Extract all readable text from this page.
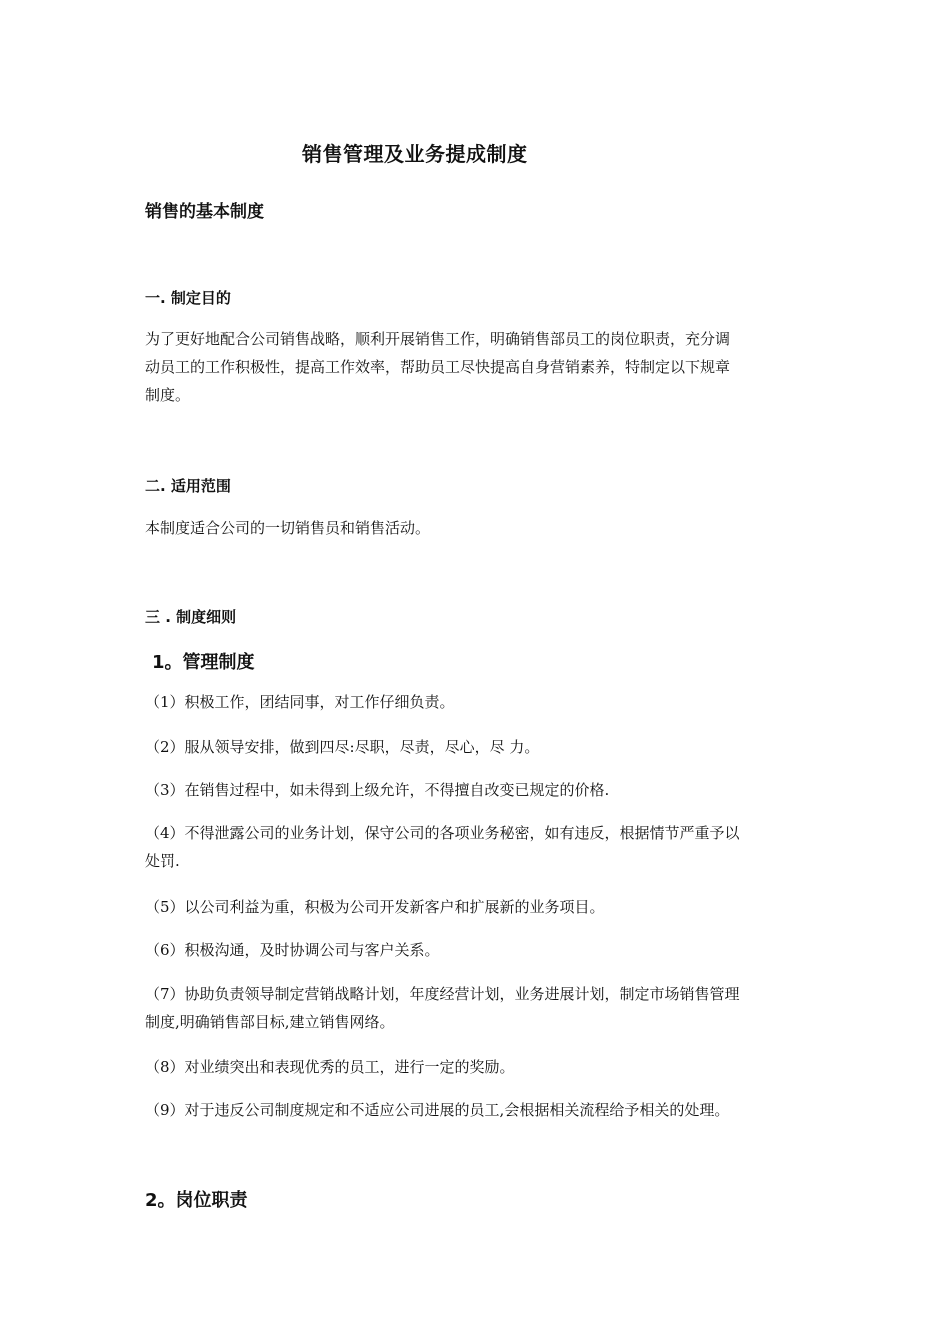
销售管理及业务提成制度
销售的基本制度
一. 制定目的
为了更好地配合公司销售战略，顺利开展销售工作，明确销售部员工的岗位职责，充分调
动员工的工作积极性，提高工作效率，帮助员工尽快提高自身营销素养，特制定以下规章
制度。
二. 适用范围
本制度适合公司的一切销售员和销售活动。
三 . 制度细则
1。管理制度
（1）积极工作，团结同事，对工作仔细负责。
（2）服从领导安排，做到四尽:尽职，尽责，尽心，尽 力。
（3）在销售过程中，如未得到上级允许，不得擅自改变已规定的价格.
（4）不得泄露公司的业务计划，保守公司的各项业务秘密，如有违反，根据情节严重予以
处罚.
（5）以公司利益为重，积极为公司开发新客户和扩展新的业务项目。
（6）积极沟通，及时协调公司与客户关系。
（7）协助负责领导制定营销战略计划，年度经营计划，业务进展计划，制定市场销售管理
制度,明确销售部目标,建立销售网络。
（8）对业绩突出和表现优秀的员工，进行一定的奖励。
（9）对于违反公司制度规定和不适应公司进展的员工,会根据相关流程给予相关的处理。
2。岗位职责
